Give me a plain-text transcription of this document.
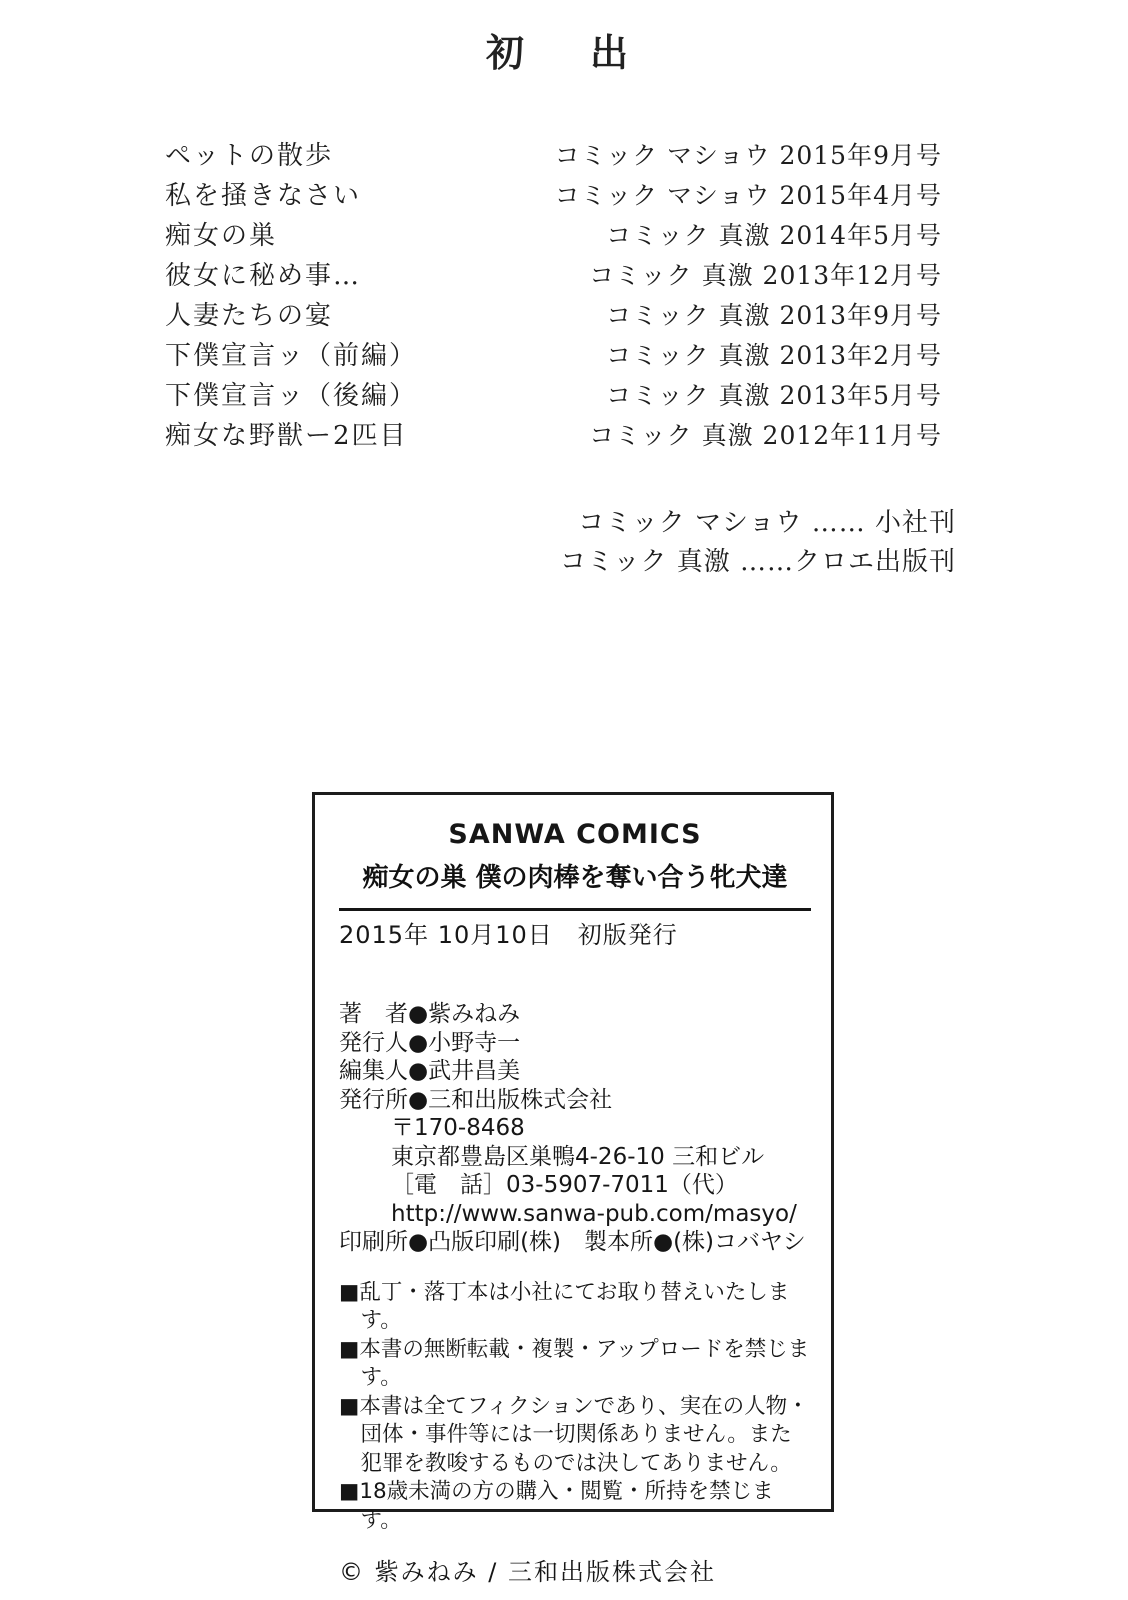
初　出
ペットの散歩	コミック マショウ 2015年9月号
私を掻きなさい	コミック マショウ 2015年4月号
痴女の巣	コミック 真激 2014年5月号
彼女に秘め事…	コミック 真激 2013年12月号
人妻たちの宴	コミック 真激 2013年9月号
下僕宣言ッ（前編）	コミック 真激 2013年2月号
下僕宣言ッ（後編）	コミック 真激 2013年5月号
痴女な野獣ー2匹目	コミック 真激 2012年11月号
コミック マショウ …… 小社刊
コミック 真激 ……クロエ出版刊
SANWA COMICS
痴女の巣 僕の肉棒を奪い合う牝犬達
2015年 10月10日　初版発行
著　者●紫みねみ
発行人●小野寺一
編集人●武井昌美
発行所●三和出版株式会社
〒170-8468
東京都豊島区巣鴨4-26-10 三和ビル
［電　話］03-5907-7011（代）
http://www.sanwa-pub.com/masyo/
印刷所●凸版印刷(株)　製本所●(株)コバヤシ
■乱丁・落丁本は小社にてお取り替えいたします。
■本書の無断転載・複製・アップロードを禁じます。
■本書は全てフィクションであり、実在の人物・団体・事件等には一切関係ありません。また犯罪を教唆するものでは決してありません。
■18歳未満の方の購入・閲覧・所持を禁じます。
© 紫みねみ / 三和出版株式会社
